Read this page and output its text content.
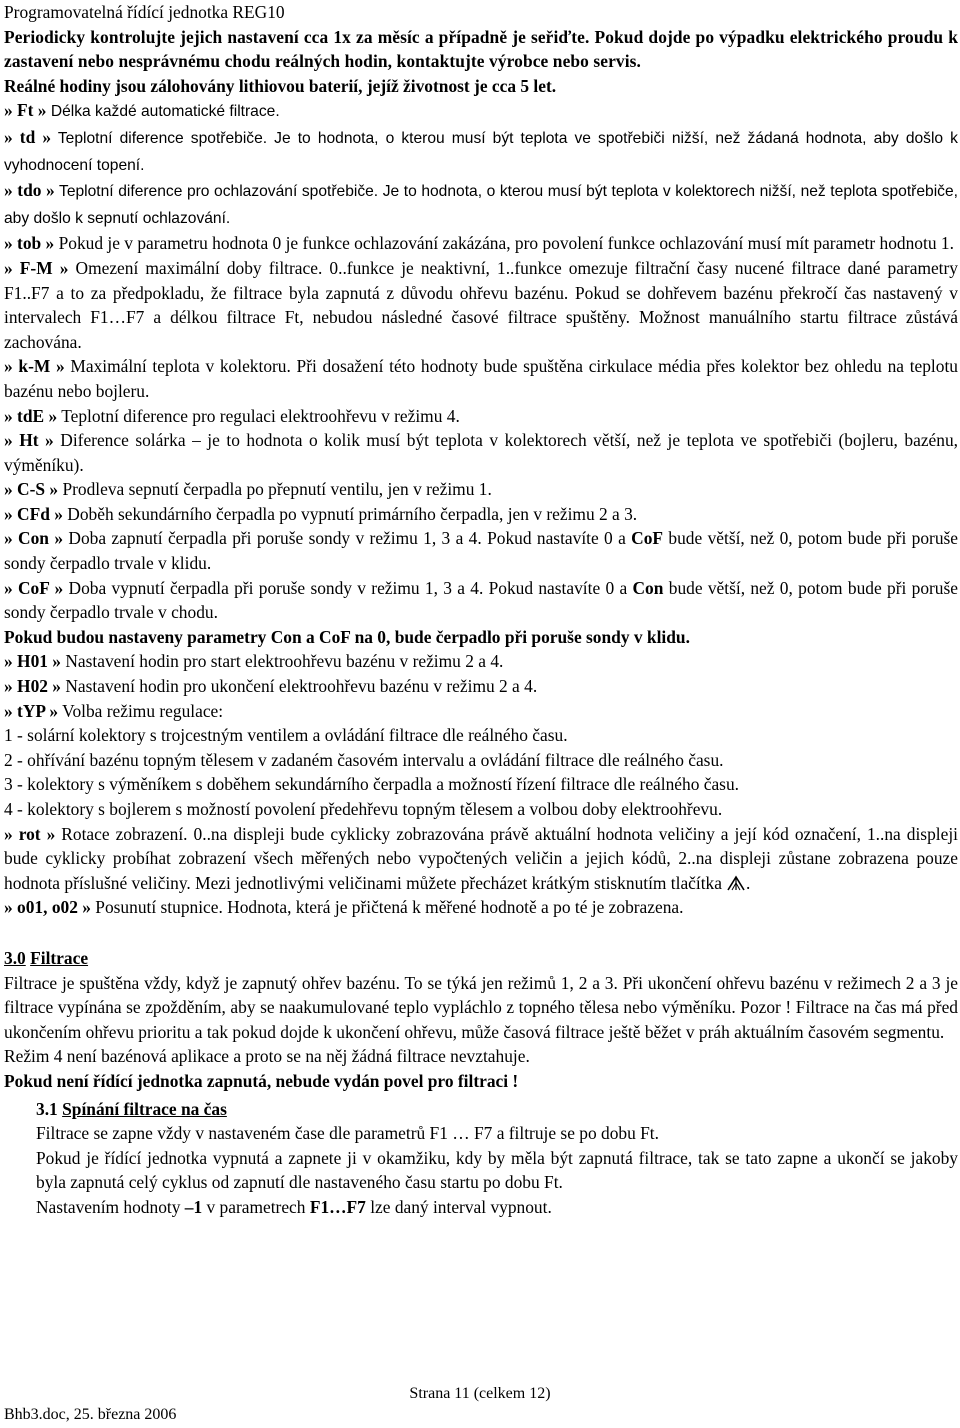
Programovatelná řídící jednotka REG10

Periodicky kontrolujte jejich nastavení cca 1x za měsíc a případně je seřiďte. Pokud dojde po výpadku elektrického proudu k zastavení nebo nesprávnému chodu reálných hodin, kontaktujte výrobce nebo servis.

Reálné hodiny jsou zálohovány lithiovou baterií, jejíž životnost je cca 5 let.

» Ft » Délka každé automatické filtrace.

» td » Teplotní diference spotřebiče. Je to hodnota, o kterou musí být teplota ve spotřebiči nižší, než žádaná hodnota, aby došlo k vyhodnocení topení.

» tdo » Teplotní diference pro ochlazování spotřebiče. Je to hodnota, o kterou musí být teplota v kolektorech nižší, než teplota spotřebiče, aby došlo k sepnutí ochlazování.

» tob » Pokud je v parametru hodnota 0 je funkce ochlazování zakázána, pro povolení funkce ochlazování musí mít parametr hodnotu 1.

» F-M » Omezení maximální doby filtrace. 0..funkce je neaktivní, 1..funkce omezuje filtrační časy nucené filtrace dané parametry F1..F7 a to za předpokladu, že filtrace byla zapnutá z důvodu ohřevu bazénu. Pokud se dohřevem bazénu překročí čas nastavený v intervalech F1…F7 a délkou filtrace Ft, nebudou následné časové filtrace spuštěny. Možnost manuálního startu filtrace zůstává zachována.

» k-M » Maximální teplota v kolektoru. Při dosažení této hodnoty bude spuštěna cirkulace média přes kolektor bez ohledu na teplotu bazénu nebo bojleru.

» tdE » Teplotní diference pro regulaci elektroohřevu v režimu 4.

» Ht » Diference solárka – je to hodnota o kolik musí být teplota v kolektorech větší, než je teplota ve spotřebiči (bojleru, bazénu, výměníku).

» C-S » Prodleva sepnutí čerpadla po přepnutí ventilu, jen v režimu 1.

» CFd » Doběh sekundárního čerpadla po vypnutí primárního čerpadla, jen v režimu 2 a 3.

» Con » Doba zapnutí čerpadla při poruše sondy v režimu 1, 3 a 4. Pokud nastavíte 0 a CoF bude větší, než 0, potom bude při poruše sondy čerpadlo trvale v klidu.

» CoF » Doba vypnutí čerpadla při poruše sondy v režimu 1, 3 a 4. Pokud nastavíte 0 a Con bude větší, než 0, potom bude při poruše sondy čerpadlo trvale v chodu.

Pokud budou nastaveny parametry Con a CoF na 0, bude čerpadlo při poruše sondy v klidu.

» H01 » Nastavení hodin pro start elektroohřevu bazénu v režimu 2 a 4.

» H02 » Nastavení hodin pro ukončení elektroohřevu bazénu v režimu 2 a 4.

» tYP » Volba režimu regulace:

1 - solární kolektory s trojcestným ventilem a ovládání filtrace dle reálného času.

2 - ohřívání bazénu topným tělesem v zadaném časovém intervalu a ovládání filtrace dle reálného času.

3 - kolektory s výměníkem s doběhem sekundárního čerpadla a možností řízení filtrace dle reálného času.

4 - kolektory s bojlerem s možností povolení předehřevu topným tělesem a volbou doby elektroohřevu.

» rot » Rotace zobrazení. 0..na displeji bude cyklicky zobrazována právě aktuální hodnota veličiny a její kód označení, 1..na displeji bude cyklicky probíhat zobrazení všech měřených nebo vypočtených veličin a jejich kódů, 2..na displeji zůstane zobrazena pouze hodnota příslušné veličiny. Mezi jednotlivými veličinami můžete přecházet krátkým stisknutím tlačítka .

» o01, o02 » Posunutí stupnice. Hodnota, která je přičtená k měřené hodnotě a po té je zobrazena.

3.0 Filtrace

Filtrace je spuštěna vždy, když je zapnutý ohřev bazénu. To se týká jen režimů 1, 2 a 3. Při ukončení ohřevu bazénu v režimech 2 a 3 je filtrace vypínána se zpožděním, aby se naakumulované teplo vypláchlo z topného tělesa nebo výměníku. Pozor ! Filtrace na čas má před ukončením ohřevu prioritu a tak pokud dojde k ukončení ohřevu, může časová filtrace ještě běžet v práh aktuálním časovém segmentu.

Režim 4 není bazénová aplikace a proto se na něj žádná filtrace nevztahuje.

Pokud není řídící jednotka zapnutá, nebude vydán povel pro filtraci !

3.1 Spínání filtrace na čas

Filtrace se zapne vždy v nastaveném čase dle parametrů F1 … F7 a filtruje se po dobu Ft.

Pokud je řídící jednotka vypnutá a zapnete ji v okamžiku, kdy by měla být zapnutá filtrace, tak se tato zapne a ukončí se jakoby byla zapnutá celý cyklus od zapnutí dle nastaveného času startu po dobu Ft.

Nastavením hodnoty –1 v parametrech F1…F7 lze daný interval vypnout.

Strana 11 (celkem 12)
Bhb3.doc, 25. března 2006
